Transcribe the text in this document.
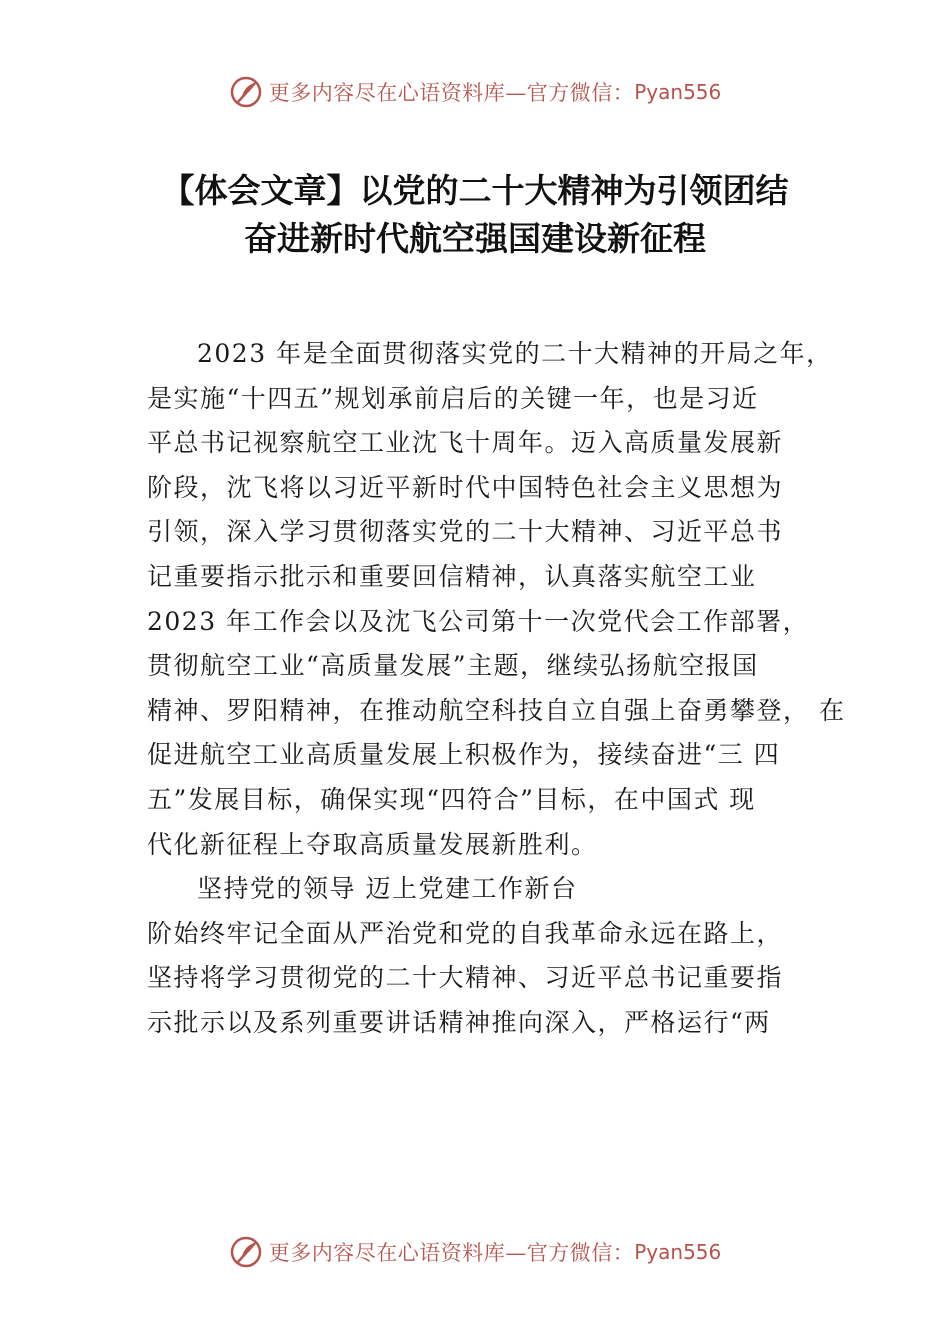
更多内容尽在心语资料库—官方微信： Pyan556
【体会文章】以党的二十大精神为引领团结
奋进新时代航空强国建设新征程
2023 年是全面贯彻落实党的二十大精神的开局之年，
是实施“十四五”规划承前启后的关键一年，也是习近
平总书记视察航空工业沈飞十周年。迈入高质量发展新
阶段，沈飞将以习近平新时代中国特色社会主义思想为
引领，深入学习贯彻落实党的二十大精神、习近平总书
记重要指示批示和重要回信精神，认真落实航空工业
2023 年工作会以及沈飞公司第十一次党代会工作部署，
贯彻航空工业“高质量发展”主题，继续弘扬航空报国
精神、罗阳精神，在推动航空科技自立自强上奋勇攀登， 在
促进航空工业高质量发展上积极作为，接续奋进“三 四
五”发展目标，确保实现“四符合”目标，在中国式 现
代化新征程上夺取高质量发展新胜利。
坚持党的领导 迈上党建工作新台
阶始终牢记全面从严治党和党的自我革命永远在路上，
坚持将学习贯彻党的二十大精神、习近平总书记重要指
示批示以及系列重要讲话精神推向深入，严格运行“两
更多内容尽在心语资料库—官方微信： Pyan556
